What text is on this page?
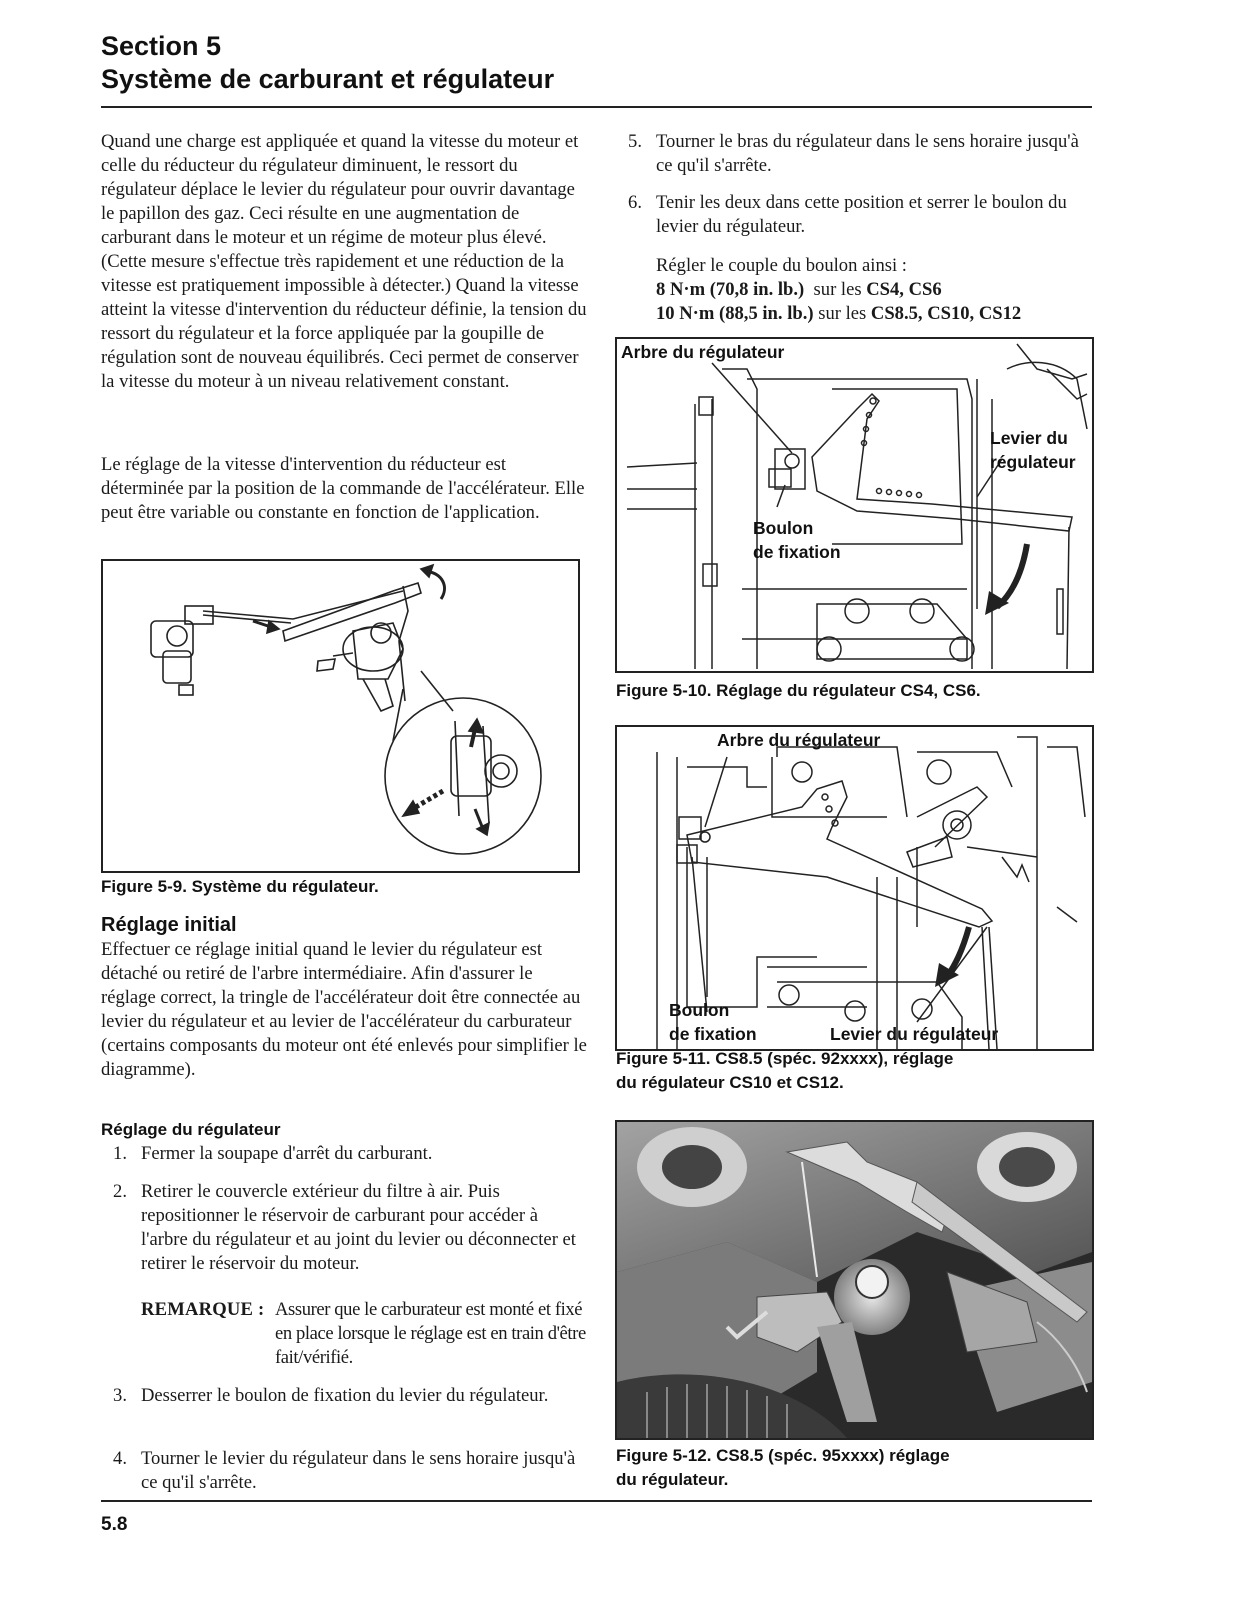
Section 5
Système de carburant et régulateur

Quand une charge est appliquée et quand la vitesse du moteur et celle du réducteur du régulateur diminuent, le ressort du régulateur déplace le levier du régulateur pour ouvrir davantage le papillon des gaz. Ceci résulte en une augmentation de carburant dans le moteur et un régime de moteur plus élevé. (Cette mesure s'effectue très rapidement et une réduction de la vitesse est pratiquement impossible à détecter.) Quand la vitesse atteint la vitesse d'intervention du réducteur définie, la tension du ressort du régulateur et la force appliquée par la goupille de régulation sont de nouveau équilibrés. Ceci permet de conserver la vitesse du moteur à un niveau relativement constant.

Le réglage de la vitesse d'intervention du réducteur est déterminée par la position de la commande de l'accélérateur. Elle peut être variable ou constante en fonction de l'application.

Figure 5-9. Système du régulateur.
Réglage initial

Effectuer ce réglage initial quand le levier du régulateur est détaché ou retiré de l'arbre intermédiaire. Afin d'assurer le réglage correct, la tringle de l'accélérateur doit être connectée au levier du régulateur et au levier de l'accélérateur du carburateur (certains composants du moteur ont été enlevés pour simplifier le diagramme).

Réglage du régulateur
1. Fermer la soupape d'arrêt du carburant.
2. Retirer le couvercle extérieur du filtre à air. Puis repositionner le réservoir de carburant pour accéder à l'arbre du régulateur et au joint du levier ou déconnecter et retirer le réservoir du moteur.
REMARQUE : Assurer que le carburateur est monté et fixé en place lorsque le réglage est en train d'être fait/vérifié.
3. Desserrer le boulon de fixation du levier du régulateur.
4. Tourner le levier du régulateur dans le sens horaire jusqu'à ce qu'il s'arrête.
5. Tourner le bras du régulateur dans le sens horaire jusqu'à ce qu'il s'arrête.
6. Tenir les deux dans cette position et serrer le boulon du levier du régulateur.
Régler le couple du boulon ainsi :
8 N·m (70,8 in. lb.) sur les CS4, CS6
10 N·m (88,5 in. lb.) sur les CS8.5, CS10, CS12
Arbre du régulateur
Levier du
régulateur
Boulon
de fixation
Figure 5-10. Réglage du régulateur CS4, CS6.
Arbre du régulateur
Boulon
de fixation	Levier du régulateur
Figure 5-11. CS8.5 (spéc. 92xxxx), réglage
du régulateur CS10 et CS12.
Figure 5-12. CS8.5 (spéc. 95xxxx) réglage
du régulateur.
5.8
